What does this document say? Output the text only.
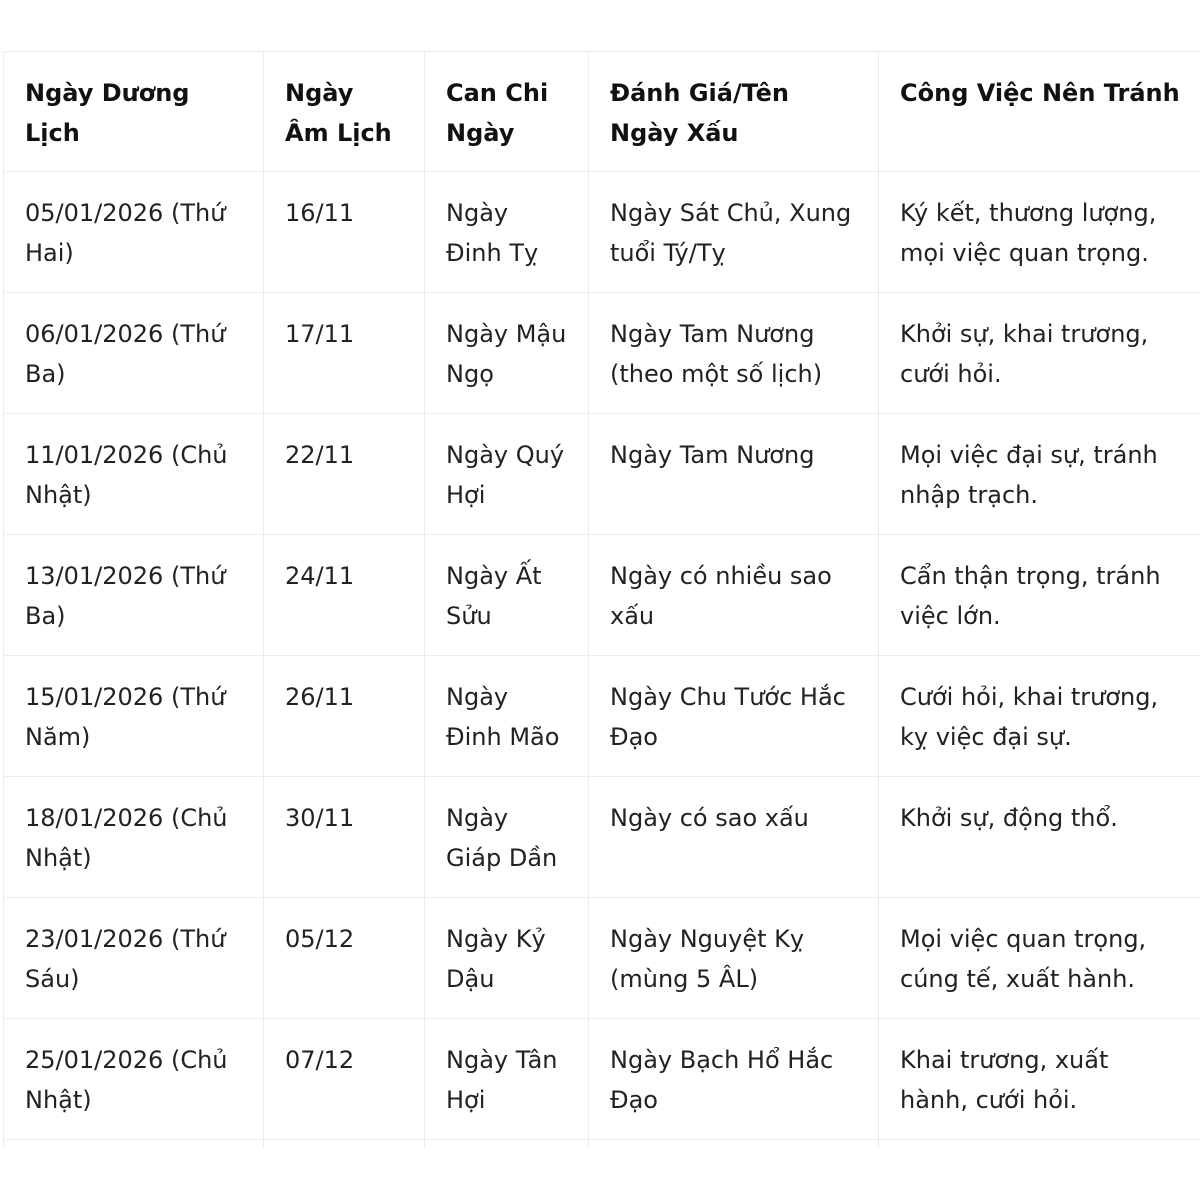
Ngày Dương Lịch	Ngày Âm Lịch	Can Chi Ngày	Đánh Giá/Tên Ngày Xấu	Công Việc Nên Tránh
05/01/2026 (Thứ Hai)	16/11	Ngày Đinh Tỵ	Ngày Sát Chủ, Xung tuổi Tý/Tỵ	Ký kết, thương lượng, mọi việc quan trọng.
06/01/2026 (Thứ Ba)	17/11	Ngày Mậu Ngọ	Ngày Tam Nương (theo một số lịch)	Khởi sự, khai trương, cưới hỏi.
11/01/2026 (Chủ Nhật)	22/11	Ngày Quý Hợi	Ngày Tam Nương	Mọi việc đại sự, tránh nhập trạch.
13/01/2026 (Thứ Ba)	24/11	Ngày Ất Sửu	Ngày có nhiều sao xấu	Cẩn thận trọng, tránh việc lớn.
15/01/2026 (Thứ Năm)	26/11	Ngày Đinh Mão	Ngày Chu Tước Hắc Đạo	Cưới hỏi, khai trương, kỵ việc đại sự.
18/01/2026 (Chủ Nhật)	30/11	Ngày Giáp Dần	Ngày có sao xấu	Khởi sự, động thổ.
23/01/2026 (Thứ Sáu)	05/12	Ngày Kỷ Dậu	Ngày Nguyệt Kỵ (mùng 5 ÂL)	Mọi việc quan trọng, cúng tế, xuất hành.
25/01/2026 (Chủ Nhật)	07/12	Ngày Tân Hợi	Ngày Bạch Hổ Hắc Đạo	Khai trương, xuất hành, cưới hỏi.
